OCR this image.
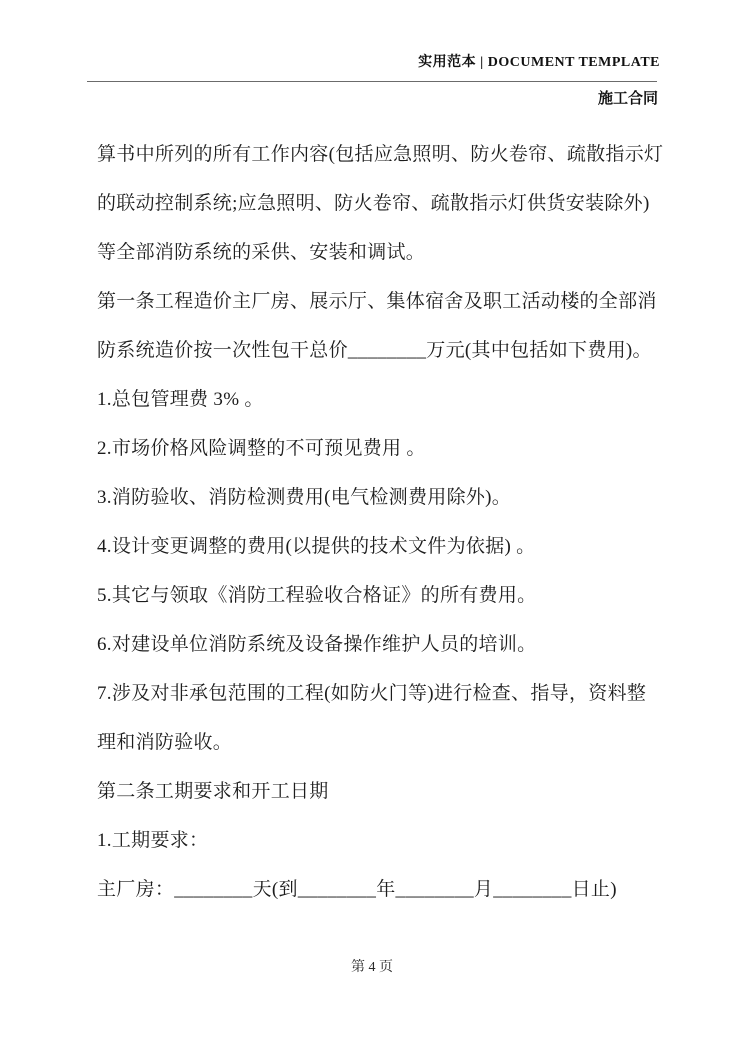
实用范本 | DOCUMENT TEMPLATE
施工合同
算书中所列的所有工作内容(包括应急照明、防火卷帘、疏散指示灯
的联动控制系统;应急照明、防火卷帘、疏散指示灯供货安装除外)
等全部消防系统的采供、安装和调试。
第一条工程造价主厂房、展示厅、集体宿舍及职工活动楼的全部消
防系统造价按一次性包干总价________万元(其中包括如下费用)。
1.总包管理费 3% 。
2.市场价格风险调整的不可预见费用 。
3.消防验收、消防检测费用(电气检测费用除外)。
4.设计变更调整的费用(以提供的技术文件为依据) 。
5.其它与领取《消防工程验收合格证》的所有费用。
6.对建设单位消防系统及设备操作维护人员的培训。
7.涉及对非承包范围的工程(如防火门等)进行检查、指导，资料整
理和消防验收。
第二条工期要求和开工日期
1.工期要求：
主厂房：________天(到________年________月________日止)
第 4 页
